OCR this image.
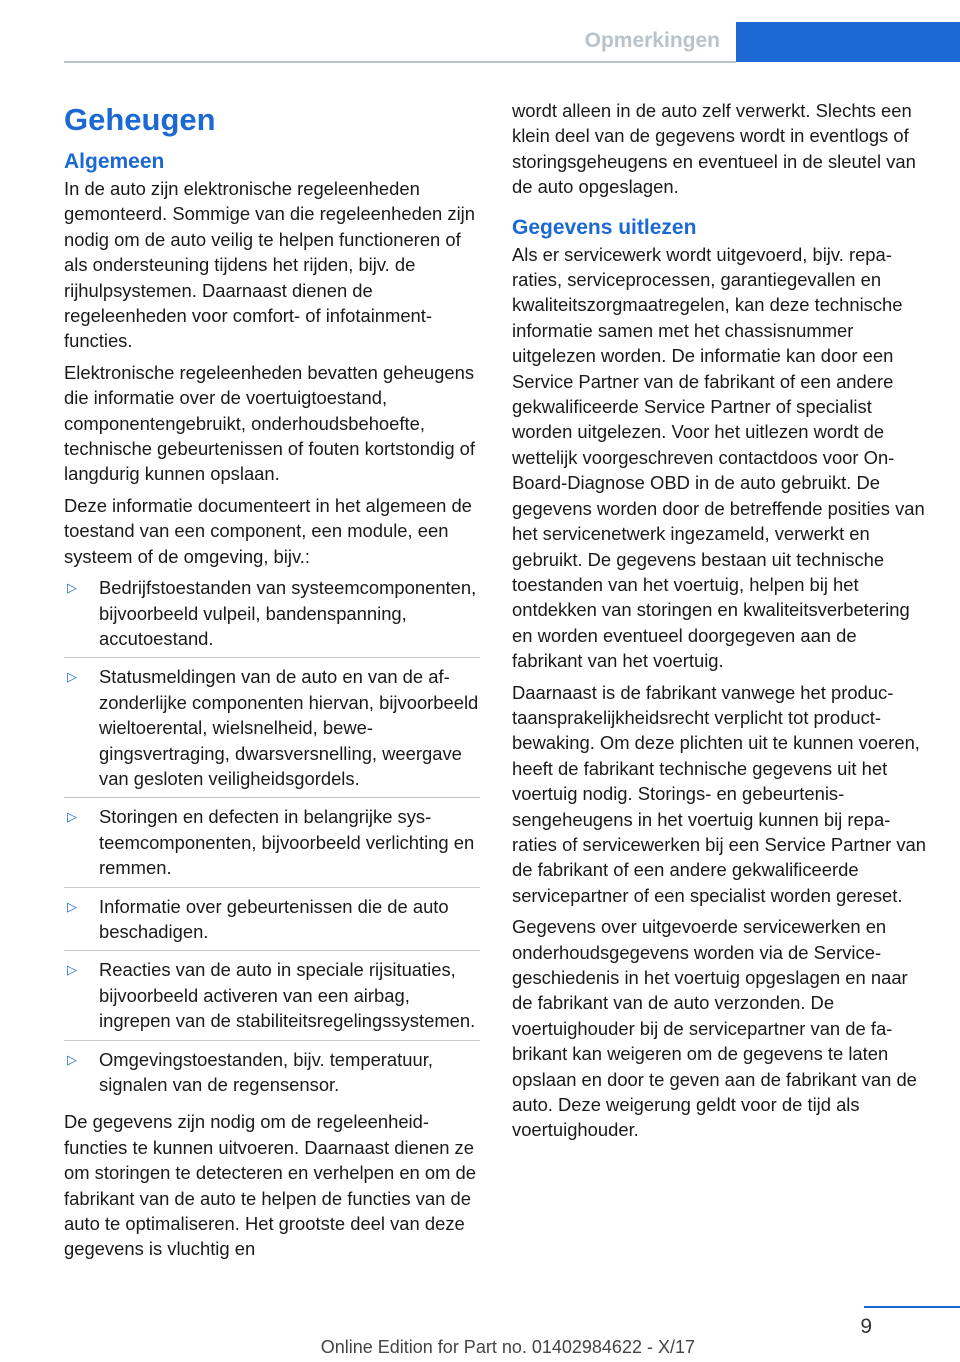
Opmerkingen
Geheugen
Algemeen

In de auto zijn elektronische regeleenheden gemonteerd. Sommige van die regeleenheden zijn nodig om de auto veilig te helpen functioneren of als ondersteuning tijdens het rijden, bijv. de rijhulpsystemen. Daarnaast dienen de regeleenheden voor comfort- of infotainmentfuncties.

Elektronische regeleenheden bevatten geheugens die informatie over de voertuigtoestand, componentengebruikt, onderhoudsbehoefte, technische gebeurtenissen of fouten kortstondig of langdurig kunnen opslaan.

Deze informatie documenteert in het algemeen de toestand van een component, een module, een systeem of de omgeving, bijv.:

▷ Bedrijfstoestanden van systeemcomponenten, bijvoorbeeld vulpeil, bandenspanning, accutoestand.
▷ Statusmeldingen van de auto en van de afzonderlijke componenten hiervan, bijvoorbeeld wieltoerental, wielsnelheid, bewegingsvertraging, dwarsversnelling, weergave van gesloten veiligheidsgordels.
▷ Storingen en defecten in belangrijke systeemcomponenten, bijvoorbeeld verlichting en remmen.
▷ Informatie over gebeurtenissen die de auto beschadigen.
▷ Reacties van de auto in speciale rijsituaties, bijvoorbeeld activeren van een airbag, ingrepen van de stabiliteitsregelingssystemen.
▷ Omgevingstoestanden, bijv. temperatuur, signalen van de regensensor.

De gegevens zijn nodig om de regeleenheidfuncties te kunnen uitvoeren. Daarnaast dienen ze om storingen te detecteren en verhelpen en om de fabrikant van de auto te helpen de functies van de auto te optimaliseren. Het grootste deel van deze gegevens is vluchtig en

wordt alleen in de auto zelf verwerkt. Slechts een klein deel van de gegevens wordt in eventlogs of storingsgeheugens en eventueel in de sleutel van de auto opgeslagen.

Gegevens uitlezen

Als er servicewerk wordt uitgevoerd, bijv. reparaties, serviceprocessen, garantiegevallen en kwaliteitszorgmaatregelen, kan deze technische informatie samen met het chassisnummer uitgelezen worden. De informatie kan door een Service Partner van de fabrikant of een andere gekwalificeerde Service Partner of specialist worden uitgelezen. Voor het uitlezen wordt de wettelijk voorgeschreven contactdoos voor On-Board-Diagnose OBD in de auto gebruikt. De gegevens worden door de betreffende posities van het servicenetwerk ingezameld, verwerkt en gebruikt. De gegevens bestaan uit technische toestanden van het voertuig, helpen bij het ontdekken van storingen en kwaliteitsverbetering en worden eventueel doorgegeven aan de fabrikant van het voertuig.

Daarnaast is de fabrikant vanwege het productaansprakelijkheidsrecht verplicht tot productbewaking. Om deze plichten uit te kunnen voeren, heeft de fabrikant technische gegevens uit het voertuig nodig. Storings- en gebeurtenissengeheugens in het voertuig kunnen bij reparaties of servicewerken bij een Service Partner van de fabrikant of een andere gekwalificeerde servicepartner of een specialist worden gereset.

Gegevens over uitgevoerde servicewerken en onderhoudsgegevens worden via de Servicegeschiedenis in het voertuig opgeslagen en naar de fabrikant van de auto verzonden. De voertuighouder bij de servicepartner van de fabrikant kan weigeren om de gegevens te laten opslaan en door te geven aan de fabrikant van de auto. Deze weigerung geldt voor de tijd als voertuighouder.

9
Online Edition for Part no. 01402984622 - X/17
